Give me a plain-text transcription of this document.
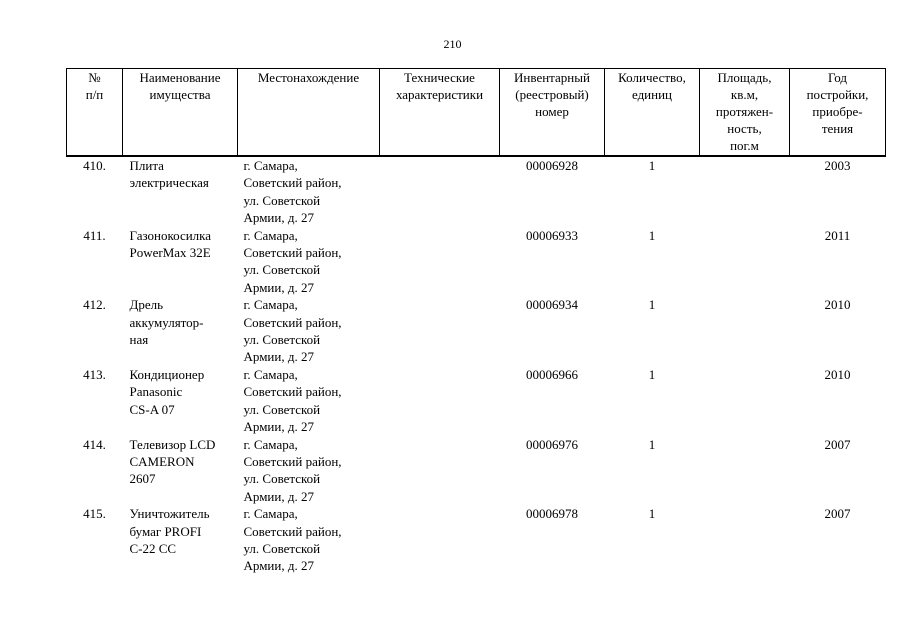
210
№
п/п	Наименование
имущества	Местонахождение	Технические
характеристики	Инвентарный
(реестровый)
номер	Количество,
единиц	Площадь,
кв.м,
протяжен-
ность,
пог.м	Год
постройки,
приобре-
тения
410.	Плита
электрическая	г. Самара,
Советский район,
ул. Советской
Армии, д. 27		00006928	1		2003
411.	Газонокосилка
PowerMax 32E	г. Самара,
Советский район,
ул. Советской
Армии, д. 27		00006933	1		2011
412.	Дрель
аккумулятор-
ная	г. Самара,
Советский район,
ул. Советской
Армии, д. 27		00006934	1		2010
413.	Кондиционер
Panasonic
CS-A 07	г. Самара,
Советский район,
ул. Советской
Армии, д. 27		00006966	1		2010
414.	Телевизор LCD
CAMERON
2607	г. Самара,
Советский район,
ул. Советской
Армии, д. 27		00006976	1		2007
415.	Уничтожитель
бумаг PROFI
C-22 CC	г. Самара,
Советский район,
ул. Советской
Армии, д. 27		00006978	1		2007
